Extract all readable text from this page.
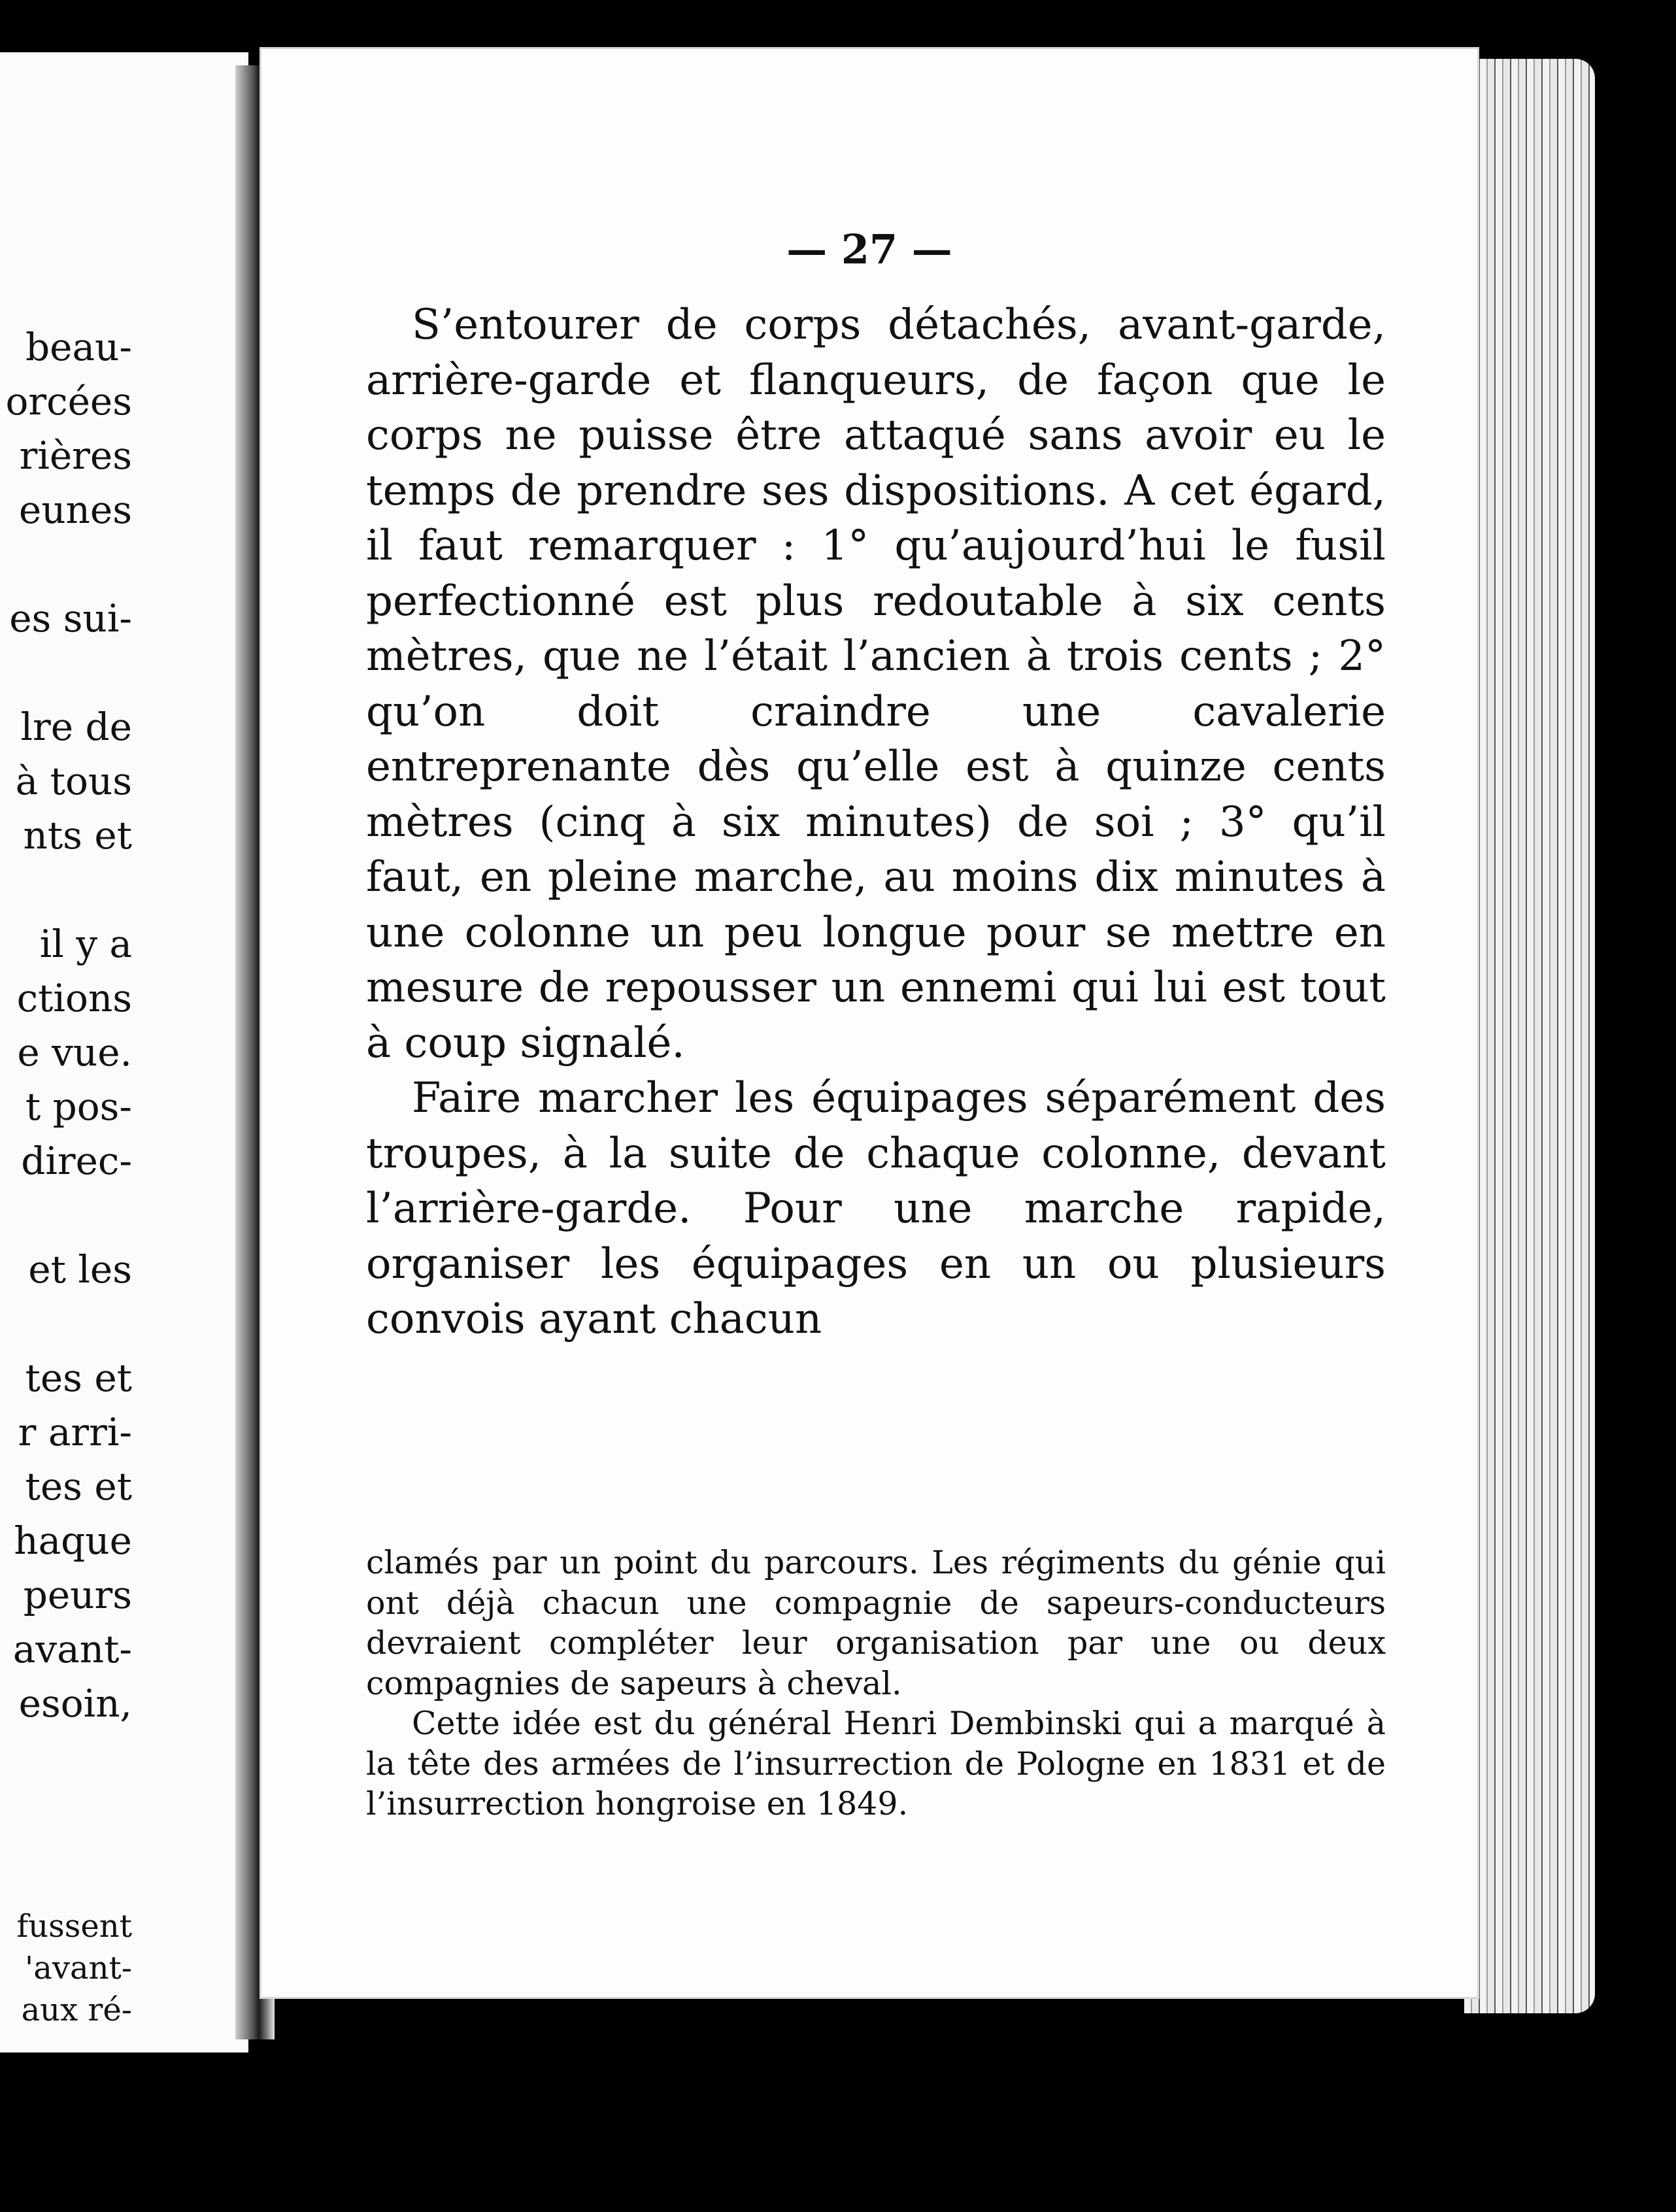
beau-
orcées
rières
eunes
es sui-
lre de
à tous
nts et
il y a
ctions
e vue.
t pos-
direc-
et les
tes et
r arri-
tes et
haque
peurs
avant-
esoin,
fussent
'avant-
aux ré-
— 27 —

S’entourer de corps détachés, avant-garde, arrière-garde et flanqueurs, de façon que le corps ne puisse être attaqué sans avoir eu le temps de prendre ses dispositions. A cet égard, il faut remarquer : 1° qu’aujourd’hui le fusil perfectionné est plus redoutable à six cents mètres, que ne l’était l’ancien à trois cents ; 2° qu’on doit craindre une cavalerie entreprenante dès qu’elle est à quinze cents mètres (cinq à six minutes) de soi ; 3° qu’il faut, en pleine marche, au moins dix minutes à une colonne un peu longue pour se mettre en mesure de repousser un ennemi qui lui est tout à coup signalé.

Faire marcher les équipages séparément des troupes, à la suite de chaque colonne, devant l’arrière-garde. Pour une marche rapide, organiser les équipages en un ou plusieurs convois ayant chacun

clamés par un point du parcours. Les régiments du génie qui ont déjà chacun une compagnie de sapeurs-conducteurs devraient compléter leur organisation par une ou deux compagnies de sapeurs à cheval.

Cette idée est du général Henri Dembinski qui a marqué à la tête des armées de l’insurrection de Pologne en 1831 et de l’insurrection hongroise en 1849.
